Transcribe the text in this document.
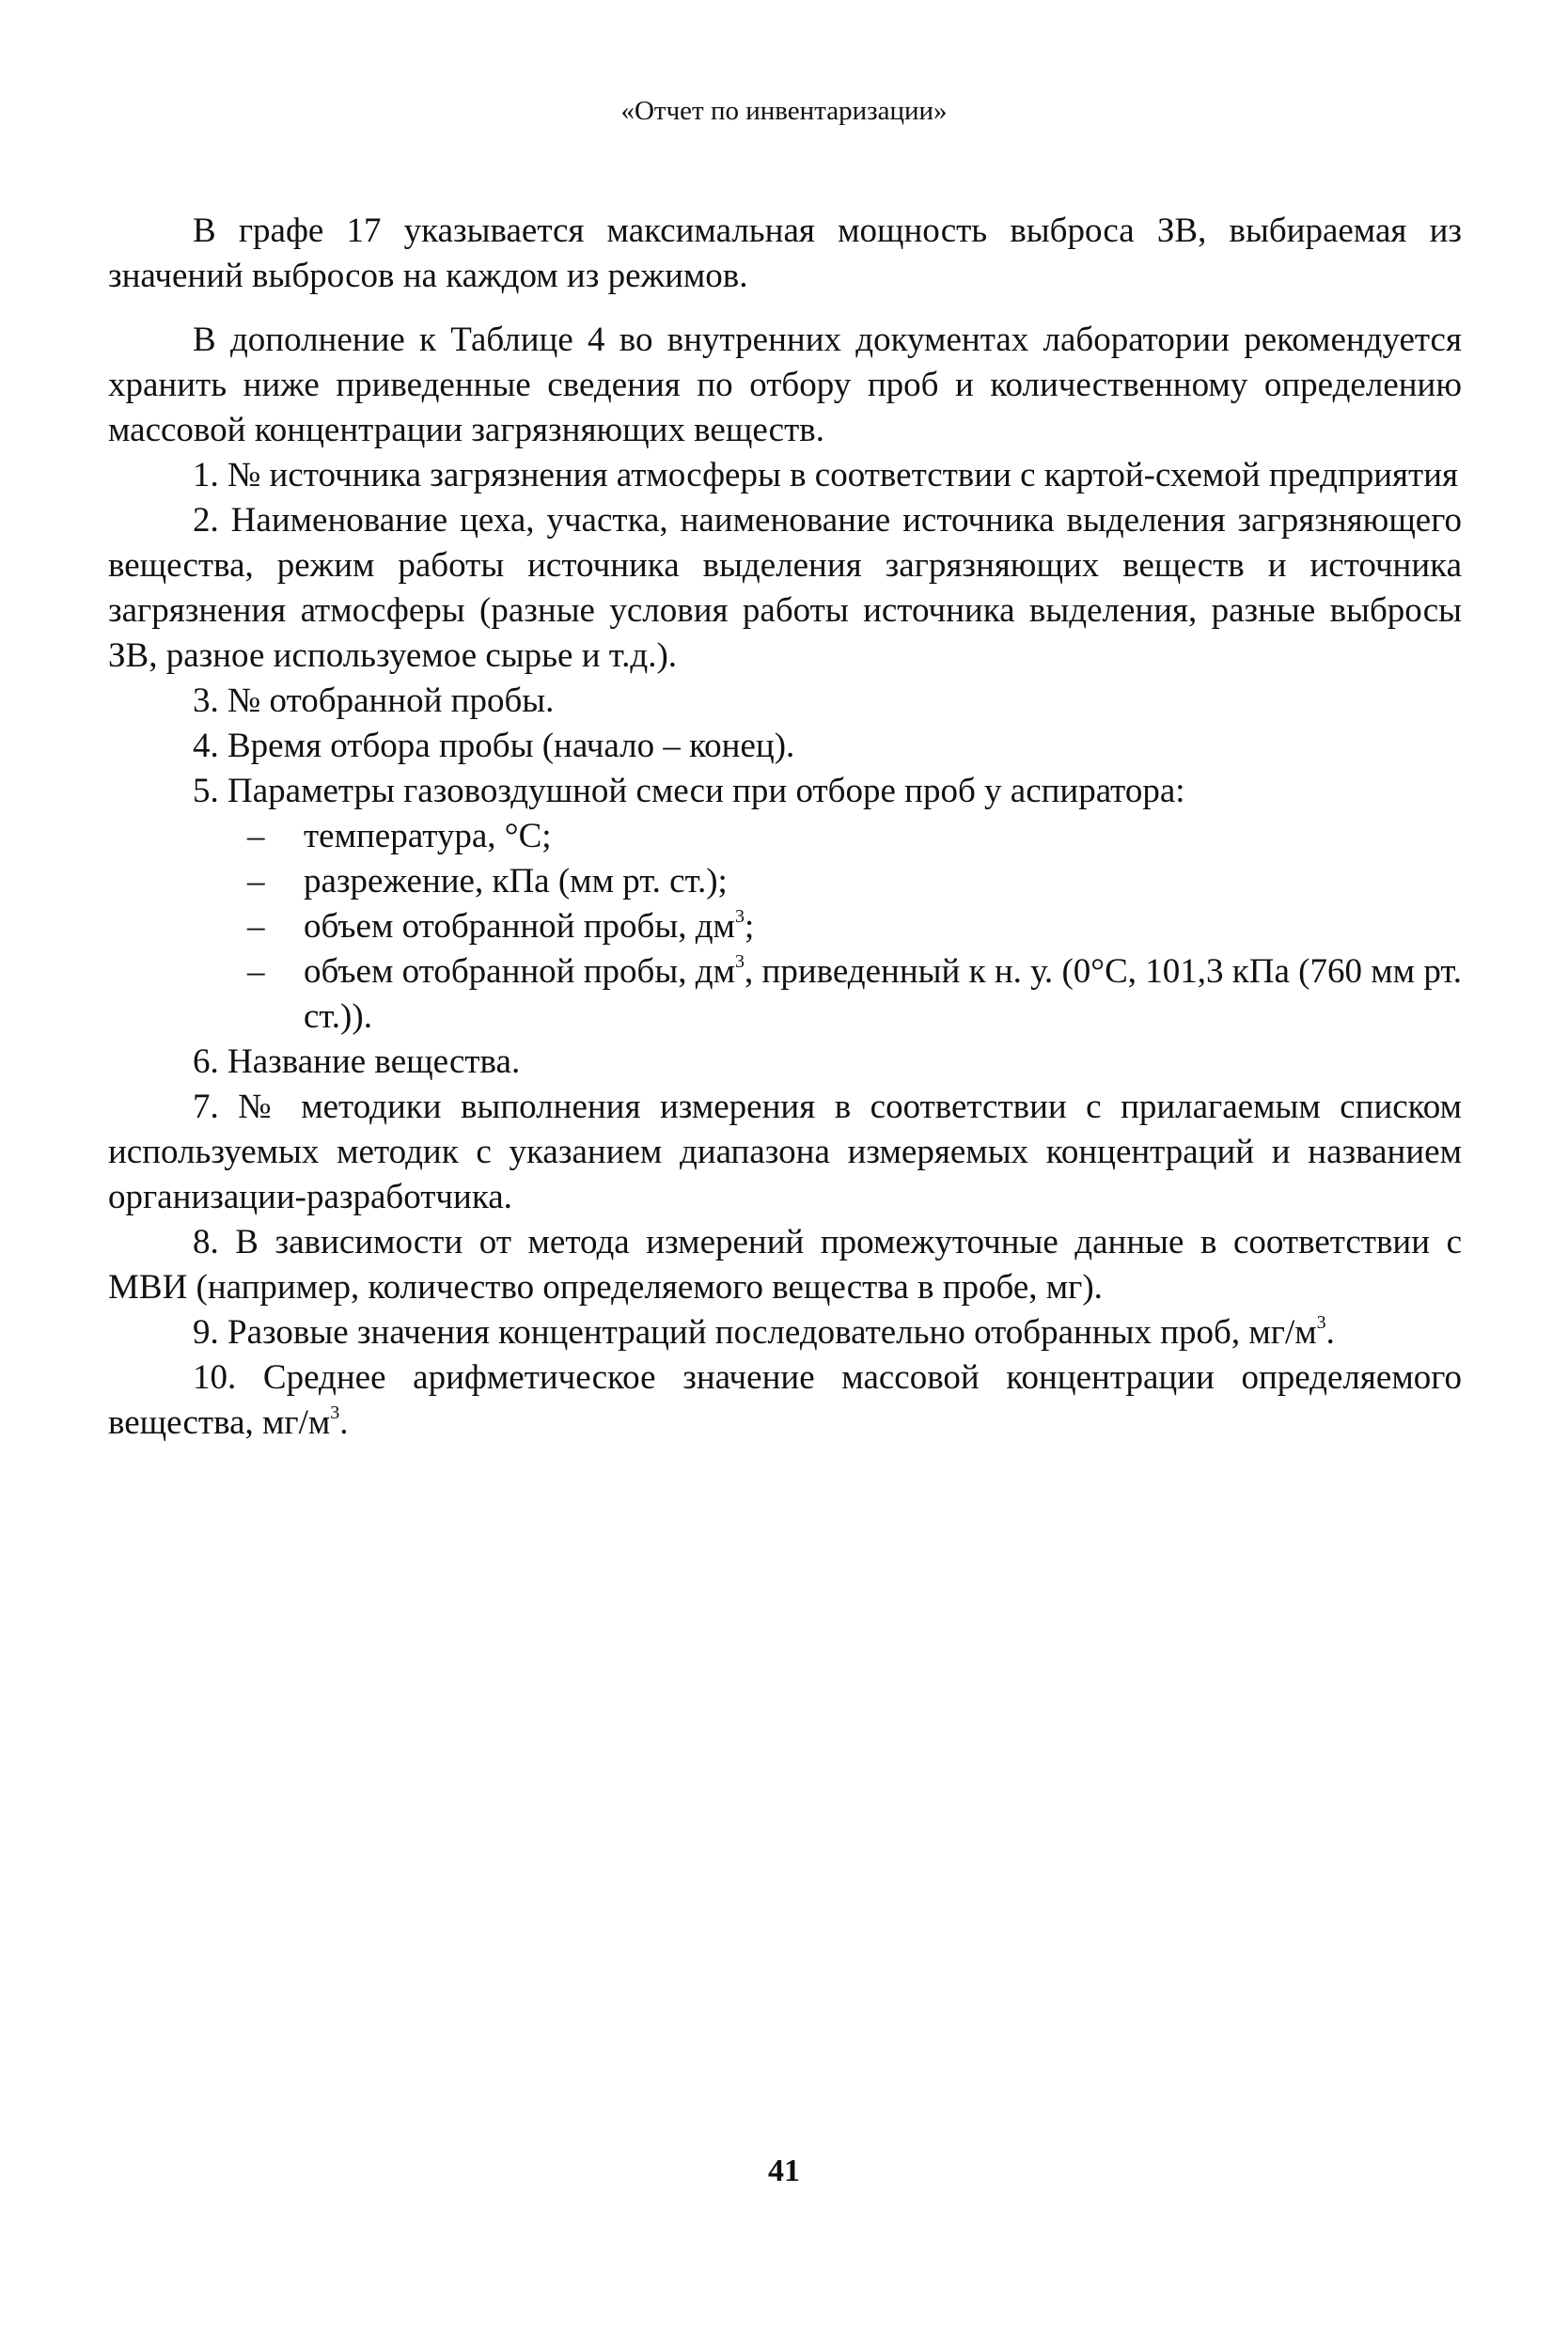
«Отчет по инвентаризации»

В графе 17 указывается максимальная мощность выброса ЗВ, выбираемая из значений выбросов на каждом из режимов.

В дополнение к Таблице 4 во внутренних документах лаборатории рекомендуется хранить ниже приведенные сведения по отбору проб и количественному определению массовой концентрации загрязняющих веществ.

1. № источника загрязнения атмосферы в соответствии с картой-схемой предприятия

2. Наименование цеха, участка, наименование источника выделения загрязняющего вещества, режим работы источника выделения загрязняющих веществ и источника загрязнения атмосферы (разные условия работы источника выделения, разные выбросы ЗВ, разное используемое сырье и т.д.).

3. № отобранной пробы.

4. Время отбора пробы (начало – конец).

5. Параметры газовоздушной смеси при отборе проб у аспиратора:

– температура, °С;
– разрежение, кПа (мм рт. ст.);
– объем отобранной пробы, $дм^3$;
– объем отобранной пробы, $дм^3$, приведенный к н. у. (0°С, 101,3 кПа (760 мм рт. ст.)).

6. Название вещества.

7. № методики выполнения измерения в соответствии с прилагаемым списком используемых методик с указанием диапазона измеряемых концентраций и названием организации-разработчика.

8. В зависимости от метода измерений промежуточные данные в соответствии с МВИ (например, количество определяемого вещества в пробе, мг).

9. Разовые значения концентраций последовательно отобранных проб, $мг/м^3$.

10. Среднее арифметическое значение массовой концентрации определяемого вещества, $мг/м^3$.

41
